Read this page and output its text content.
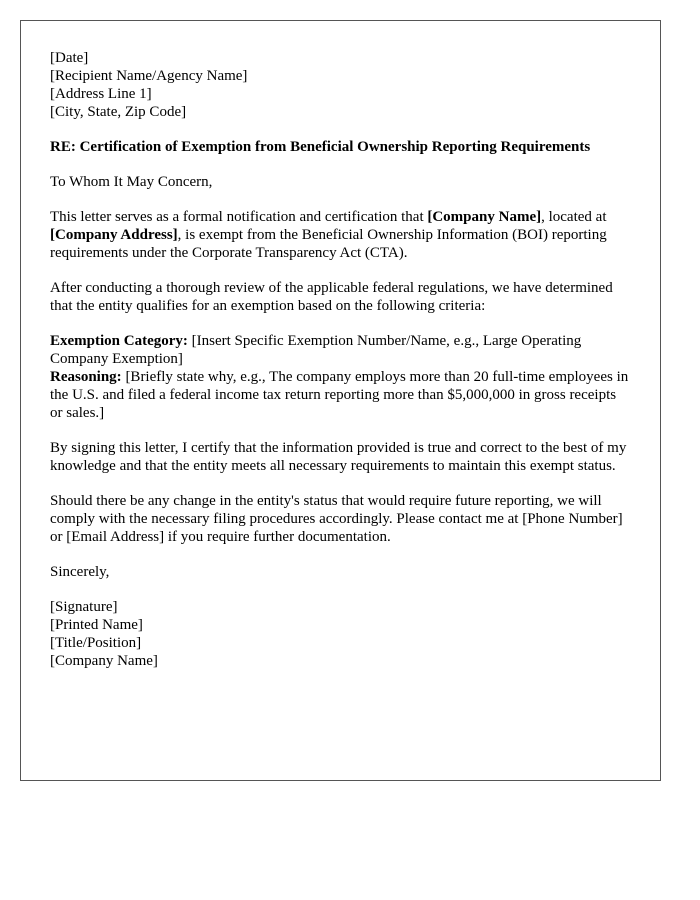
[Date]
[Recipient Name/Agency Name]
[Address Line 1]
[City, State, Zip Code]

RE: Certification of Exemption from Beneficial Ownership Reporting Requirements

To Whom It May Concern,

This letter serves as a formal notification and certification that [Company Name], located at [Company Address], is exempt from the Beneficial Ownership Information (BOI) reporting requirements under the Corporate Transparency Act (CTA).

After conducting a thorough review of the applicable federal regulations, we have determined that the entity qualifies for an exemption based on the following criteria:

Exemption Category: [Insert Specific Exemption Number/Name, e.g., Large Operating Company Exemption]
Reasoning: [Briefly state why, e.g., The company employs more than 20 full-time employees in the U.S. and filed a federal income tax return reporting more than $5,000,000 in gross receipts or sales.]

By signing this letter, I certify that the information provided is true and correct to the best of my knowledge and that the entity meets all necessary requirements to maintain this exempt status.

Should there be any change in the entity's status that would require future reporting, we will comply with the necessary filing procedures accordingly. Please contact me at [Phone Number] or [Email Address] if you require further documentation.

Sincerely,

[Signature]
[Printed Name]
[Title/Position]
[Company Name]
